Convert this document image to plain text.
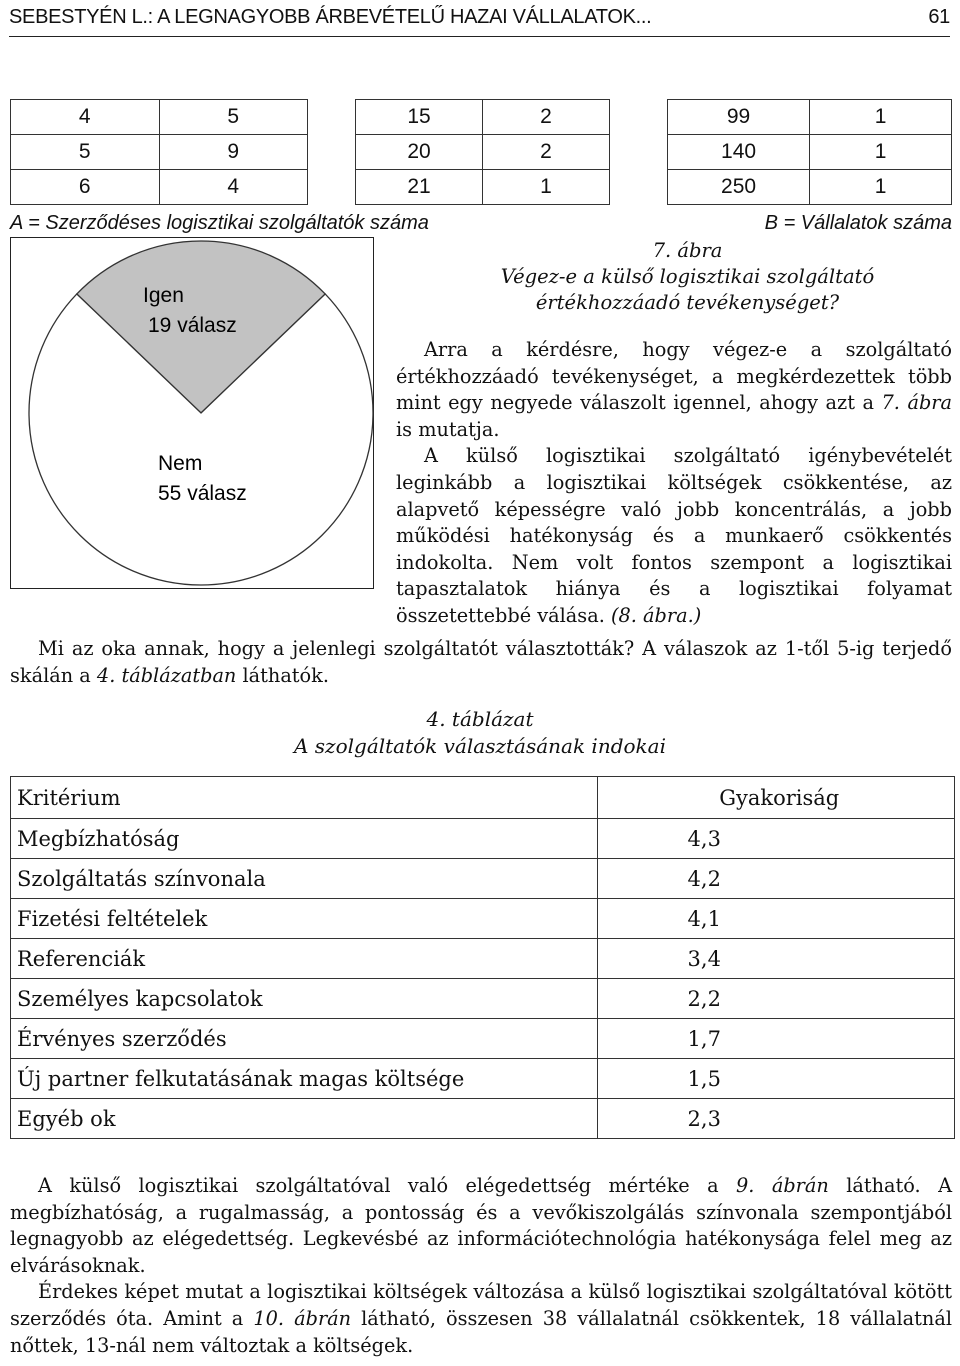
SEBESTYÉN L.: A LEGNAGYOBB ÁRBEVÉTELŰ HAZAI VÁLLALATOK...	61
4	5
5	9
6	4
15	2
20	2
21	1
99	1
140	1
250	1
A = Szerződéses logisztikai szolgáltatók száma	B = Vállalatok száma
7. ábra
Végez-e a külső logisztikai szolgáltató
értékhozzáadó tevékenységet?
Igen
19 válasz
Nem
55 válasz
Arra a kérdésre, hogy végez-e a szolgáltató értékhozzáadó tevékenységet, a megkérdezettek több mint egy negyede válaszolt igennel, ahogy azt a 7. ábra is mutatja.
A külső logisztikai szolgáltató igénybevételét leginkább a logisztikai költségek csökkentése, az alapvető képességre való jobb koncentrálás, a jobb működési hatékonyság és a munkaerő csökkentés indokolta. Nem volt fontos szempont a logisztikai tapasztalatok hiánya és a logisztikai folyamat összetettebbé válása. (8. ábra.)
Mi az oka annak, hogy a jelenlegi szolgáltatót választották? A válaszok az 1-től 5-ig terjedő skálán a 4. táblázatban láthatók.
4. táblázat
A szolgáltatók választásának indokai
Kritérium	Gyakoriság
Megbízhatóság	4,3
Szolgáltatás színvonala	4,2
Fizetési feltételek	4,1
Referenciák	3,4
Személyes kapcsolatok	2,2
Érvényes szerződés	1,7
Új partner felkutatásának magas költsége	1,5
Egyéb ok	2,3
A külső logisztikai szolgáltatóval való elégedettség mértéke a 9. ábrán látható. A megbízhatóság, a rugalmasság, a pontosság és a vevőkiszolgálás színvonala szempontjából legnagyobb az elégedettség. Legkevésbé az információtechnológia hatékonysága felel meg az elvárásoknak.
Érdekes képet mutat a logisztikai költségek változása a külső logisztikai szolgáltatóval kötött szerződés óta. Amint a 10. ábrán látható, összesen 38 vállalatnál csökkentek, 18 vállalatnál nőttek, 13-nál nem változtak a költségek.
